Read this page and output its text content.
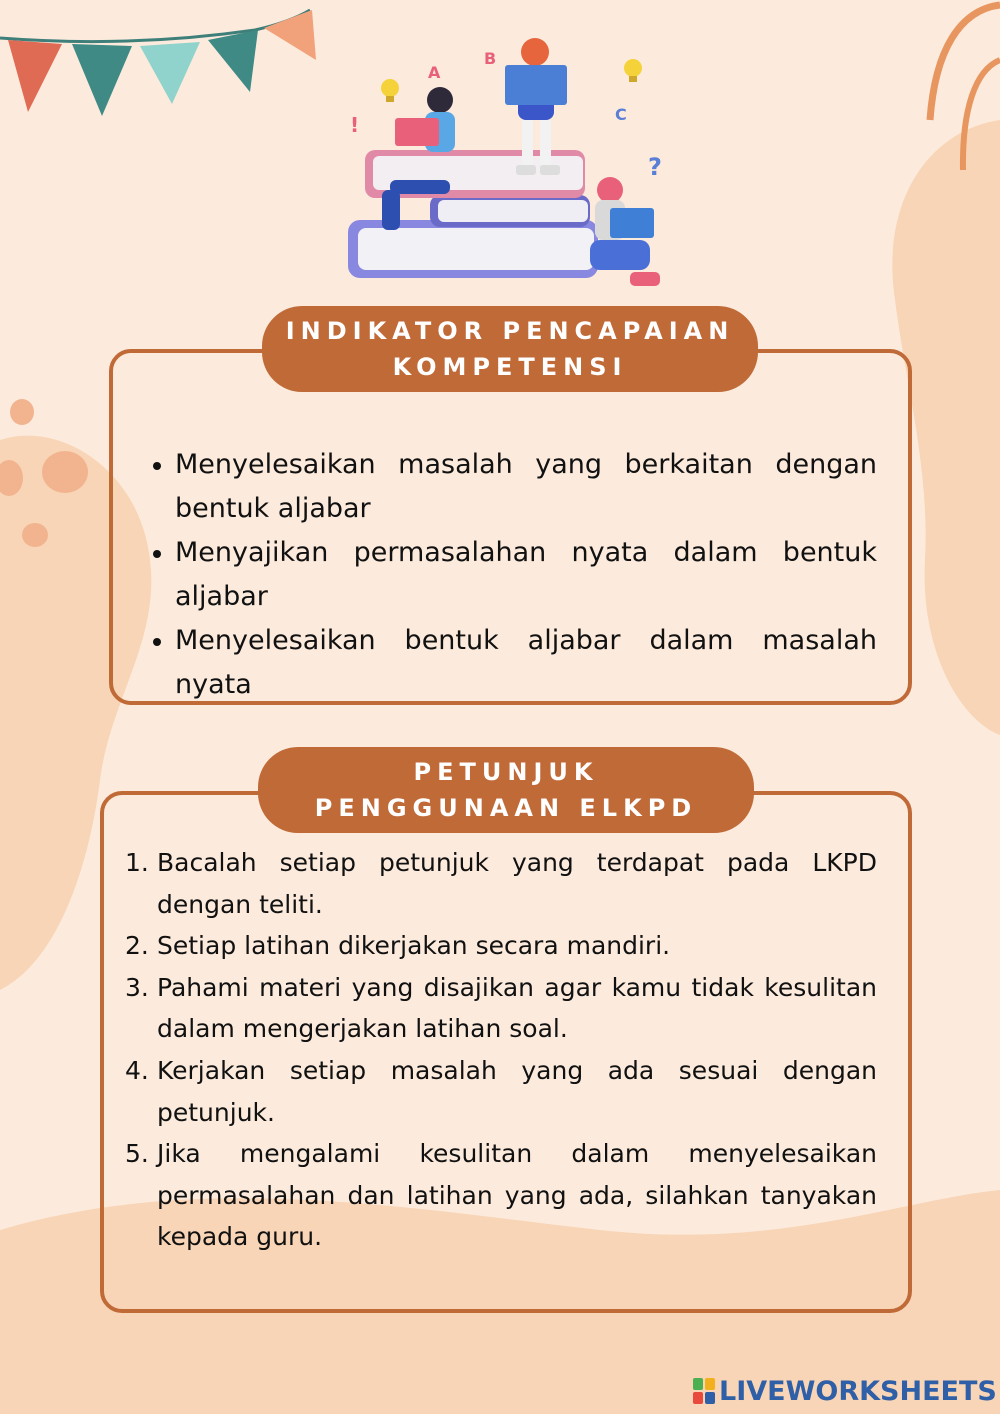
A
B
C
!
?
INDIKATOR PENCAPAIAN
KOMPETENSI
Menyelesaikan masalah yang berkaitan dengan bentuk aljabar
Menyajikan permasalahan nyata dalam bentuk aljabar
Menyelesaikan bentuk aljabar dalam masalah nyata
PETUNJUK
PENGGUNAAN ELKPD
1. Bacalah setiap petunjuk yang terdapat pada LKPD dengan teliti.
2. Setiap latihan dikerjakan secara mandiri.
3. Pahami materi yang disajikan agar kamu tidak kesulitan dalam mengerjakan latihan soal.
4. Kerjakan setiap masalah yang ada sesuai dengan petunjuk.
5. Jika mengalami kesulitan dalam menyelesaikan permasalahan dan latihan yang ada, silahkan tanyakan kepada guru.
LIVEWORKSHEETS
